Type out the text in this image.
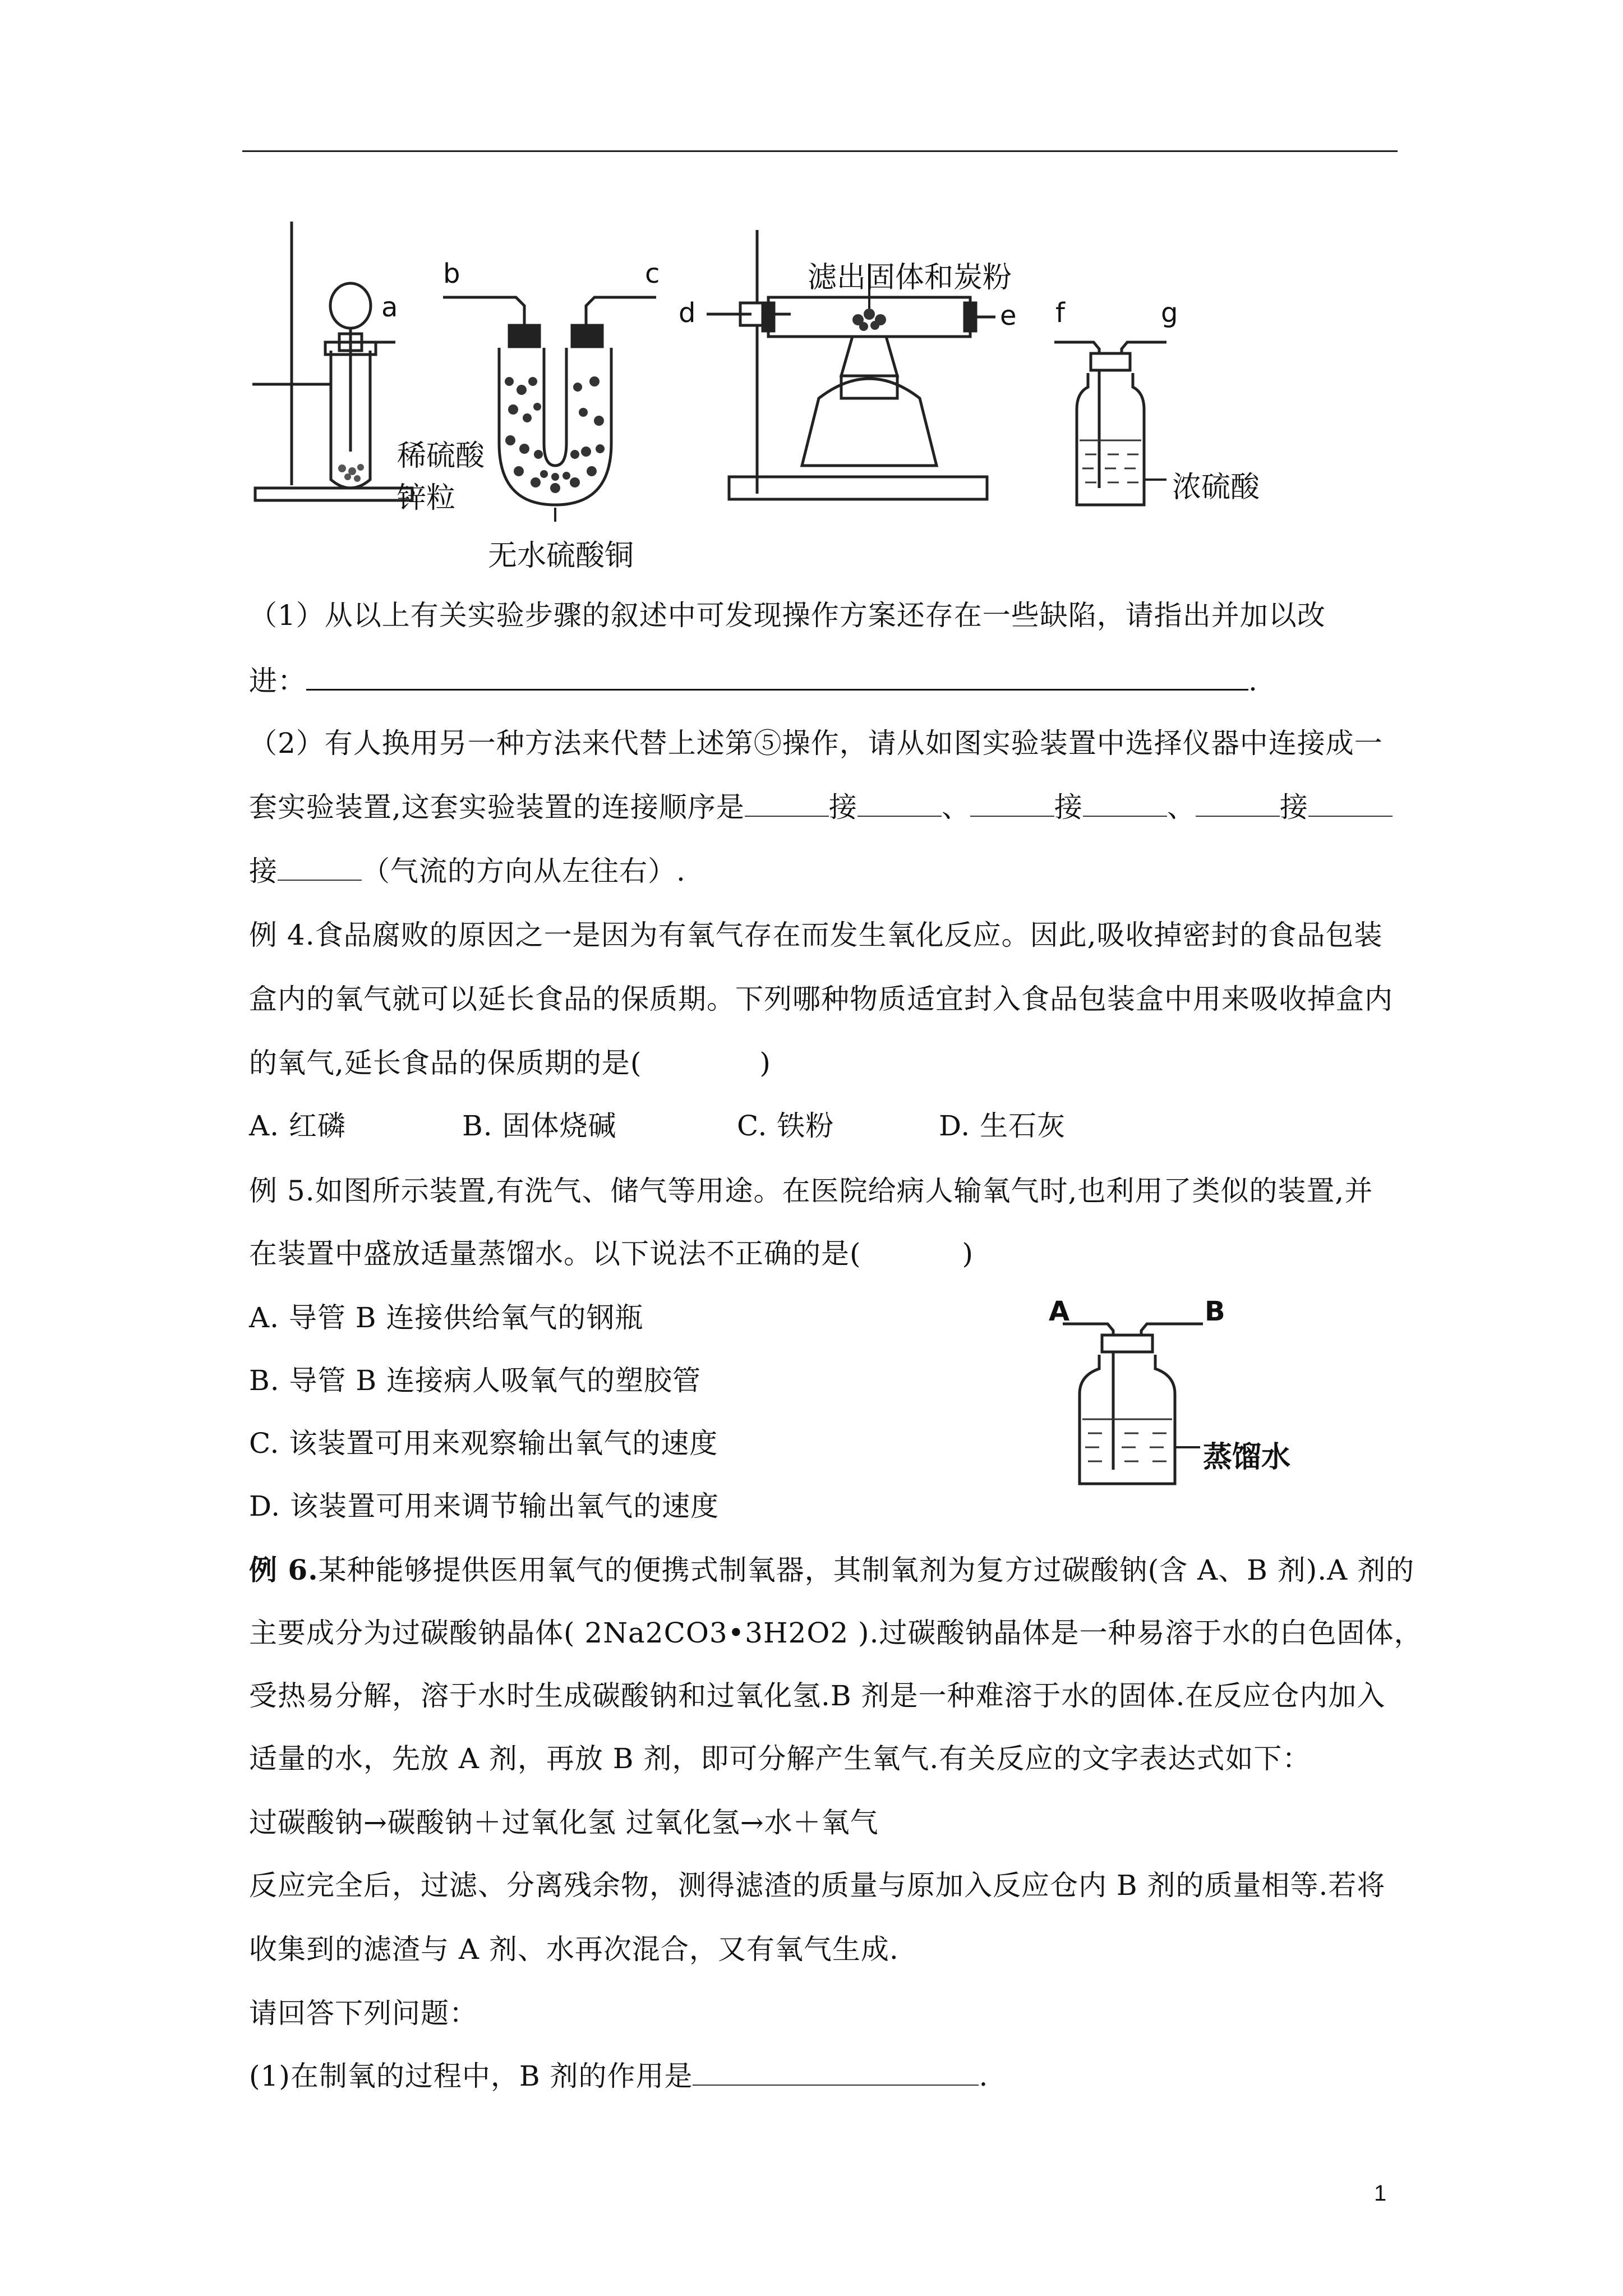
a
稀硫酸
锌粒
b	c
无水硫酸铜
d	e
滤出固体和炭粉
f	g
浓硫酸
（1）从以上有关实验步骤的叙述中可发现操作方案还存在一些缺陷，请指出并加以改
进：	.
（2）有人换用另一种方法来代替上述第⑤操作，请从如图实验装置中选择仪器中连接成一
套实验装置,这套实验装置的连接顺序是	接	、	接	、	接
接	（气流的方向从左往右）.
例 4.食品腐败的原因之一是因为有氧气存在而发生氧化反应。因此,吸收掉密封的食品包装
盒内的氧气就可以延长食品的保质期。下列哪种物质适宜封入食品包装盒中用来吸收掉盒内
的氧气,延长食品的保质期的是(	)
A. 红磷	B. 固体烧碱	C. 铁粉	D. 生石灰
例 5.如图所示装置,有洗气、储气等用途。在医院给病人输氧气时,也利用了类似的装置,并
在装置中盛放适量蒸馏水。以下说法不正确的是(	)
A. 导管 B 连接供给氧气的钢瓶
B. 导管 B 连接病人吸氧气的塑胶管
C. 该装置可用来观察输出氧气的速度
D. 该装置可用来调节输出氧气的速度
A	B
蒸馏水
例 6.某种能够提供医用氧气的便携式制氧器，其制氧剂为复方过碳酸钠(含 A、B 剂).A 剂的
主要成分为过碳酸钠晶体( 2Na2CO3•3H2O2 ).过碳酸钠晶体是一种易溶于水的白色固体，
受热易分解，溶于水时生成碳酸钠和过氧化氢.B 剂是一种难溶于水的固体.在反应仓内加入
适量的水，先放 A 剂，再放 B 剂，即可分解产生氧气.有关反应的文字表达式如下：
过碳酸钠→碳酸钠＋过氧化氢 过氧化氢→水＋氧气
反应完全后，过滤、分离残余物，测得滤渣的质量与原加入反应仓内 B 剂的质量相等.若将
收集到的滤渣与 A 剂、水再次混合，又有氧气生成.
请回答下列问题：
(1)在制氧的过程中，B 剂的作用是	.
1
